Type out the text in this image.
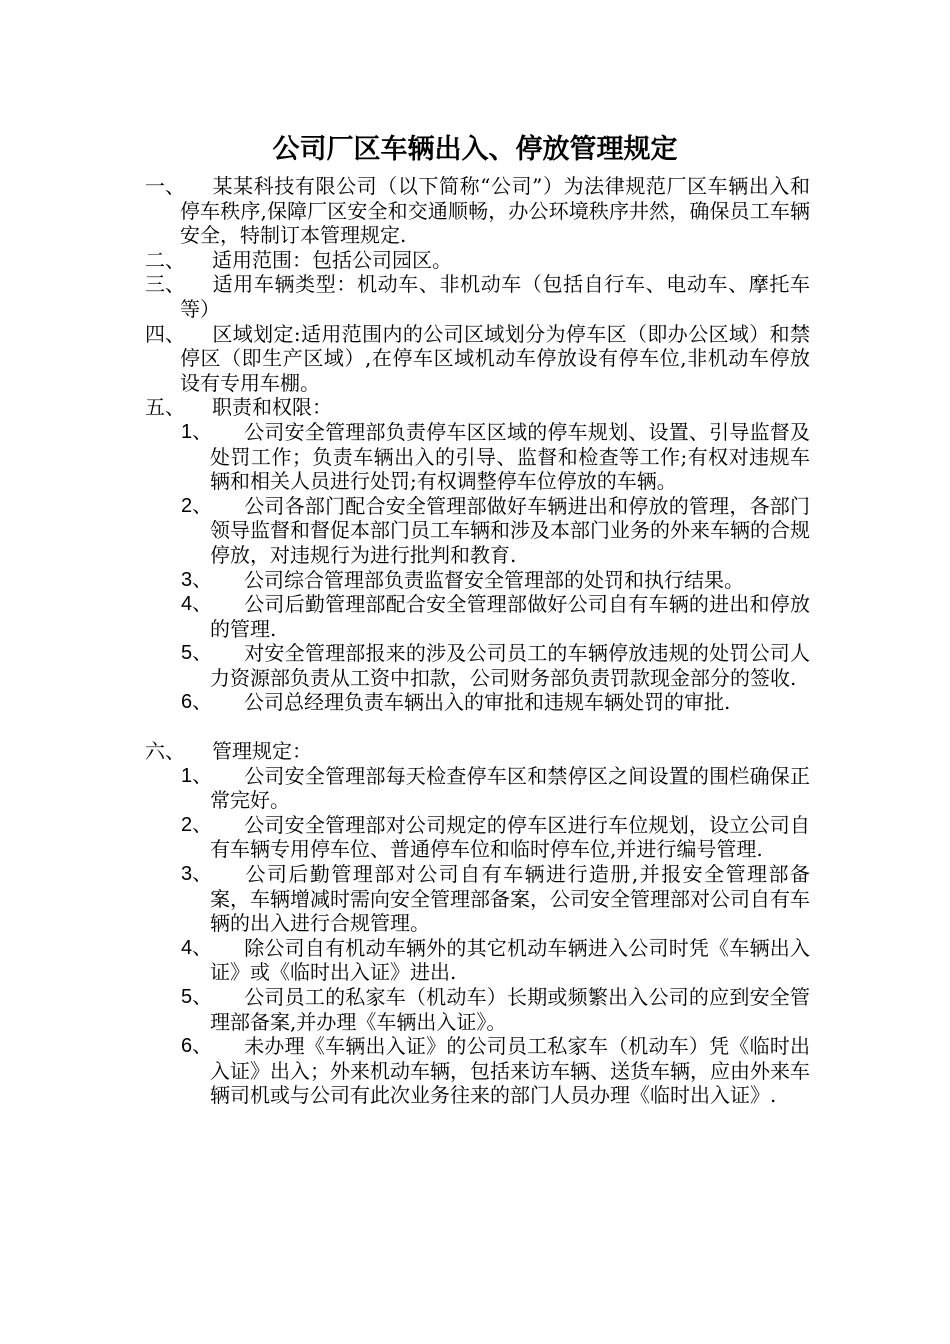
公司厂区车辆出入、停放管理规定
一、	某某科技有限公司（以下简称“公司”）为法律规范厂区车辆出入和停车秩序,保障厂区安全和交通顺畅，办公环境秩序井然，确保员工车辆安全，特制订本管理规定.
二、	适用范围：包括公司园区。
三、	适用车辆类型：机动车、非机动车（包括自行车、电动车、摩托车等）
四、	区域划定:适用范围内的公司区域划分为停车区（即办公区域）和禁停区（即生产区域）,在停车区域机动车停放设有停车位,非机动车停放设有专用车棚。
五、	职责和权限：
1、	公司安全管理部负责停车区区域的停车规划、设置、引导监督及处罚工作；负责车辆出入的引导、监督和检查等工作;有权对违规车辆和相关人员进行处罚;有权调整停车位停放的车辆。
2、	公司各部门配合安全管理部做好车辆进出和停放的管理，各部门领导监督和督促本部门员工车辆和涉及本部门业务的外来车辆的合规停放，对违规行为进行批判和教育.
3、	公司综合管理部负责监督安全管理部的处罚和执行结果。
4、	公司后勤管理部配合安全管理部做好公司自有车辆的进出和停放的管理.
5、	对安全管理部报来的涉及公司员工的车辆停放违规的处罚公司人力资源部负责从工资中扣款，公司财务部负责罚款现金部分的签收.
6、	公司总经理负责车辆出入的审批和违规车辆处罚的审批.
六、	管理规定：
1、	公司安全管理部每天检查停车区和禁停区之间设置的围栏确保正常完好。
2、	公司安全管理部对公司规定的停车区进行车位规划，设立公司自有车辆专用停车位、普通停车位和临时停车位,并进行编号管理.
3、	公司后勤管理部对公司自有车辆进行造册,并报安全管理部备案，车辆增减时需向安全管理部备案，公司安全管理部对公司自有车辆的出入进行合规管理。
4、	除公司自有机动车辆外的其它机动车辆进入公司时凭《车辆出入证》或《临时出入证》进出.
5、	公司员工的私家车（机动车）长期或频繁出入公司的应到安全管理部备案,并办理《车辆出入证》。
6、	未办理《车辆出入证》的公司员工私家车（机动车）凭《临时出入证》出入；外来机动车辆，包括来访车辆、送货车辆，应由外来车辆司机或与公司有此次业务往来的部门人员办理《临时出入证》.
